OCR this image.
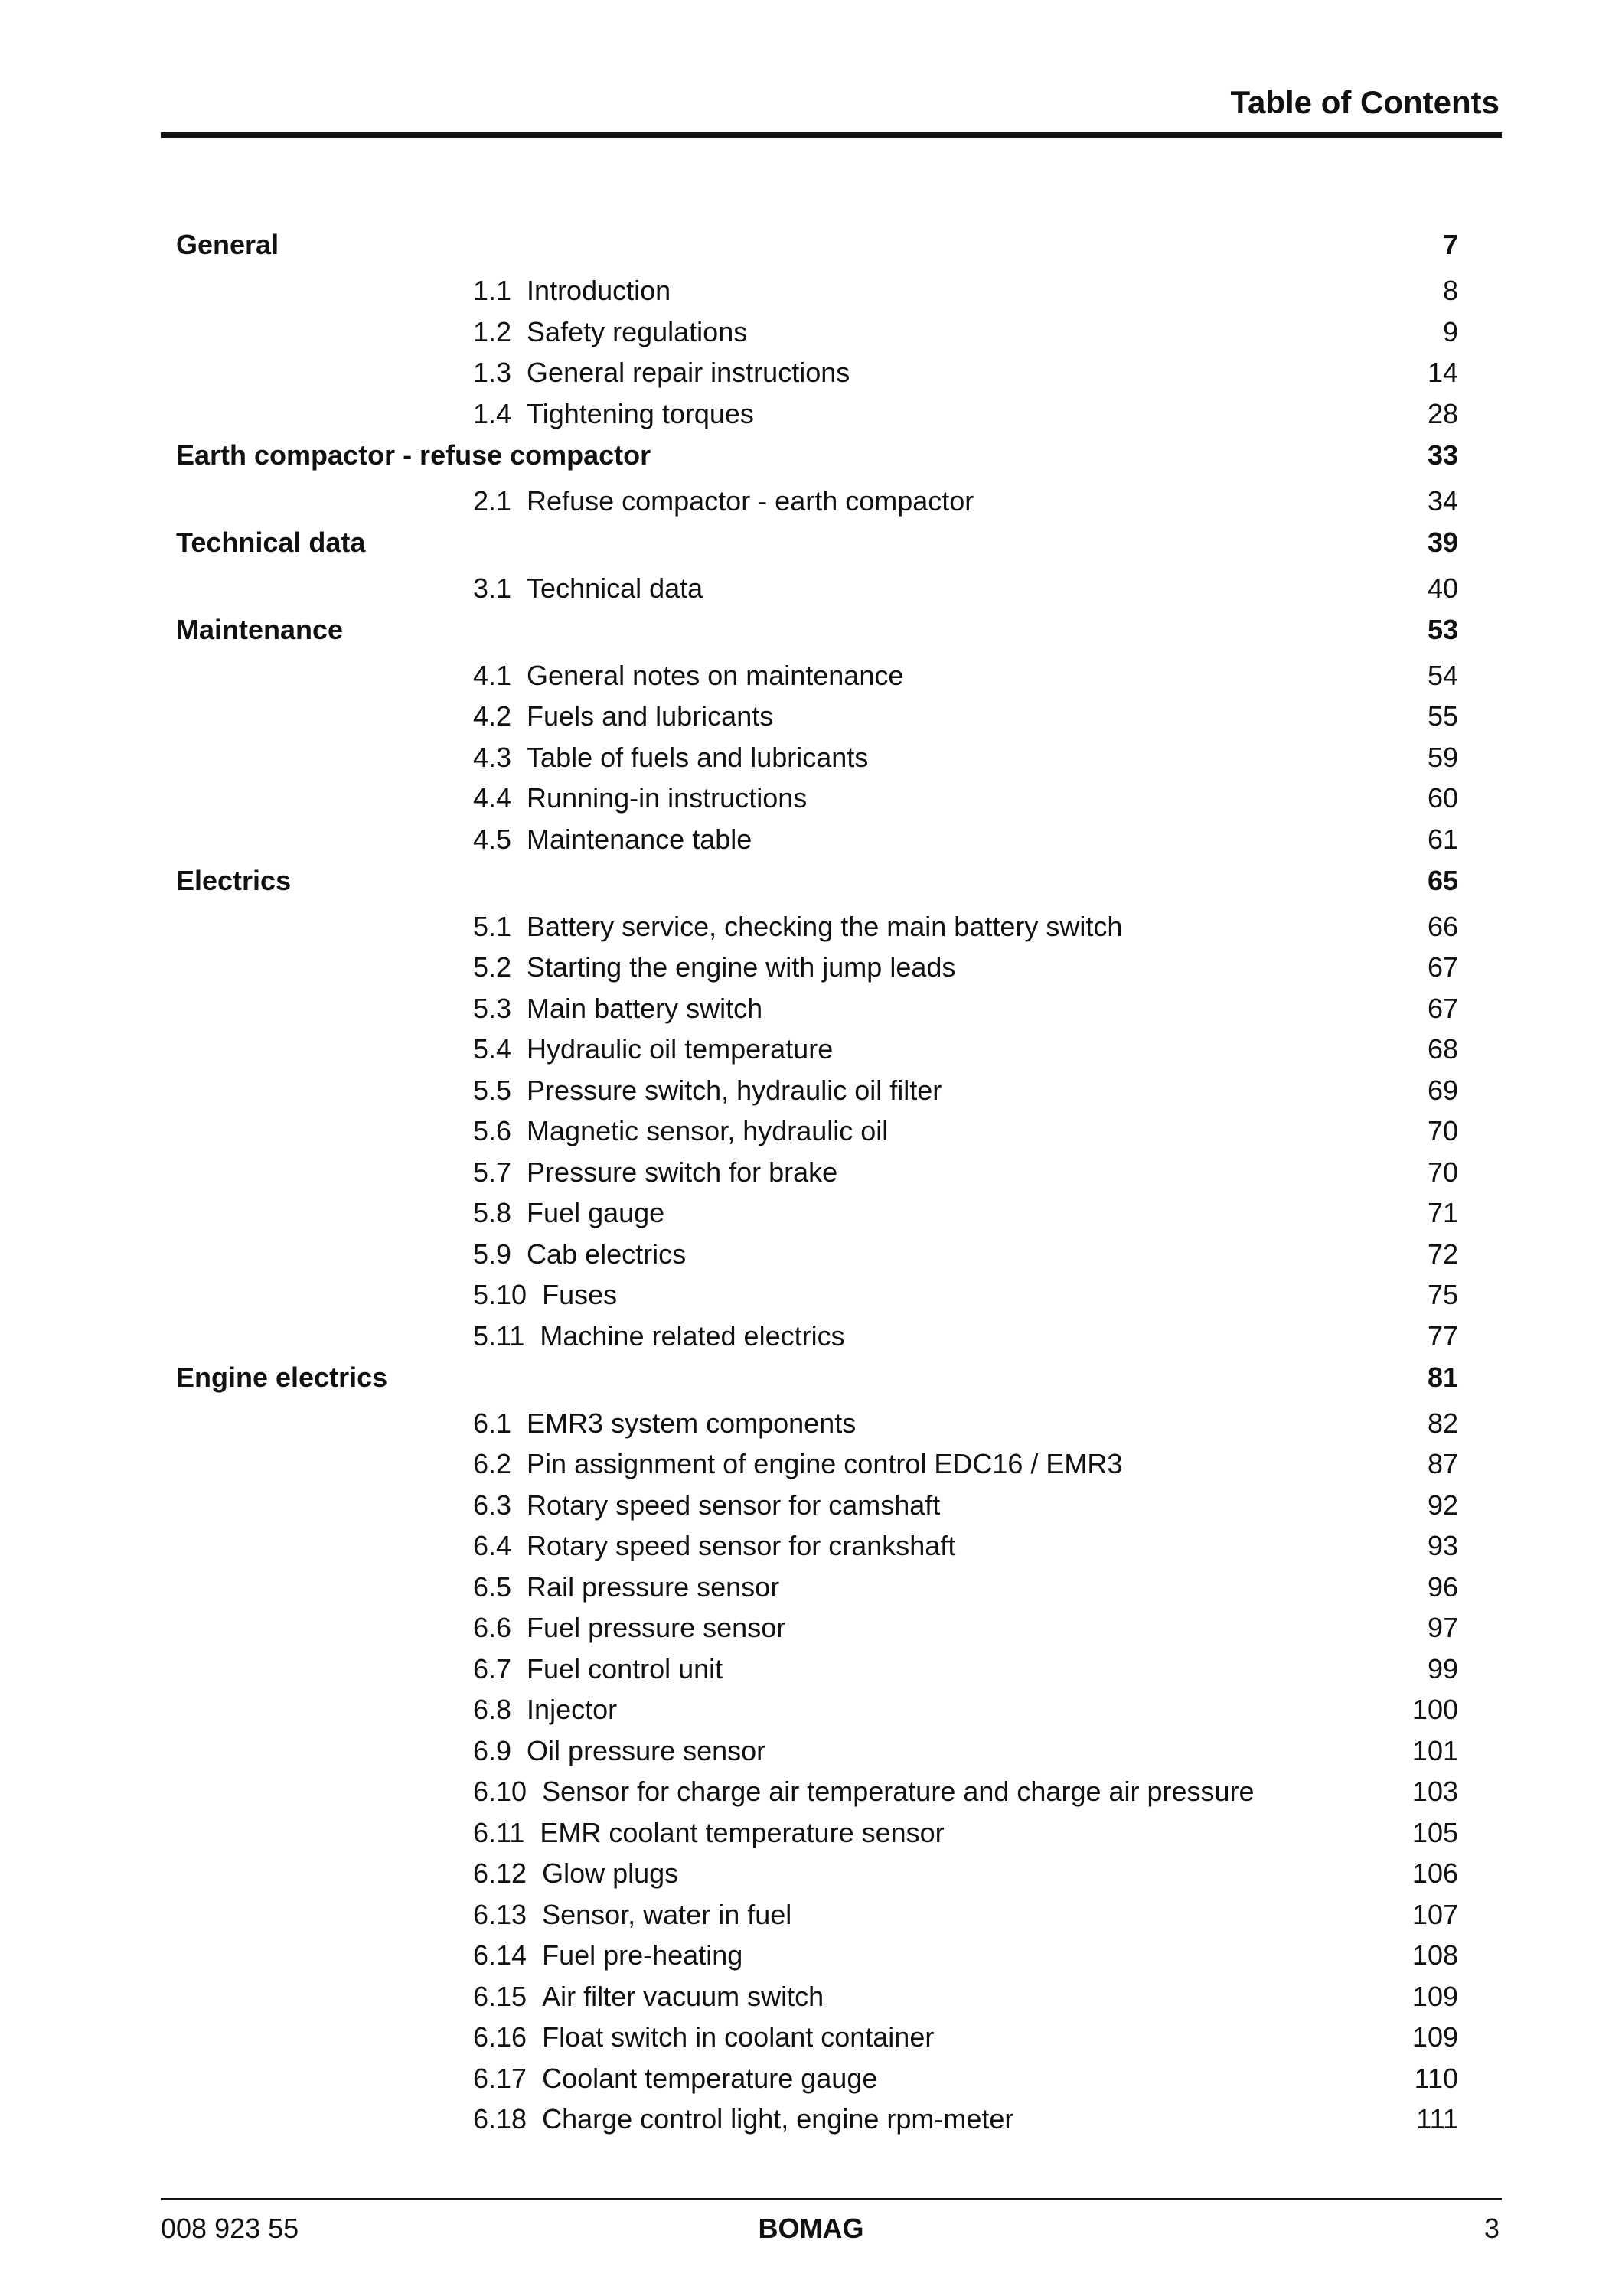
Table of Contents
General	7
1.1 Introduction	8
1.2 Safety regulations	9
1.3 General repair instructions	14
1.4 Tightening torques	28
Earth compactor - refuse compactor	33
2.1 Refuse compactor - earth compactor	34
Technical data	39
3.1 Technical data	40
Maintenance	53
4.1 General notes on maintenance	54
4.2 Fuels and lubricants	55
4.3 Table of fuels and lubricants	59
4.4 Running-in instructions	60
4.5 Maintenance table	61
Electrics	65
5.1 Battery service, checking the main battery switch	66
5.2 Starting the engine with jump leads	67
5.3 Main battery switch	67
5.4 Hydraulic oil temperature	68
5.5 Pressure switch, hydraulic oil filter	69
5.6 Magnetic sensor, hydraulic oil	70
5.7 Pressure switch for brake	70
5.8 Fuel gauge	71
5.9 Cab electrics	72
5.10 Fuses	75
5.11 Machine related electrics	77
Engine electrics	81
6.1 EMR3 system components	82
6.2 Pin assignment of engine control EDC16 / EMR3	87
6.3 Rotary speed sensor for camshaft	92
6.4 Rotary speed sensor for crankshaft	93
6.5 Rail pressure sensor	96
6.6 Fuel pressure sensor	97
6.7 Fuel control unit	99
6.8 Injector	100
6.9 Oil pressure sensor	101
6.10 Sensor for charge air temperature and charge air pressure	103
6.11 EMR coolant temperature sensor	105
6.12 Glow plugs	106
6.13 Sensor, water in fuel	107
6.14 Fuel pre-heating	108
6.15 Air filter vacuum switch	109
6.16 Float switch in coolant container	109
6.17 Coolant temperature gauge	110
6.18 Charge control light, engine rpm-meter	111
008 923 55	BOMAG	3
